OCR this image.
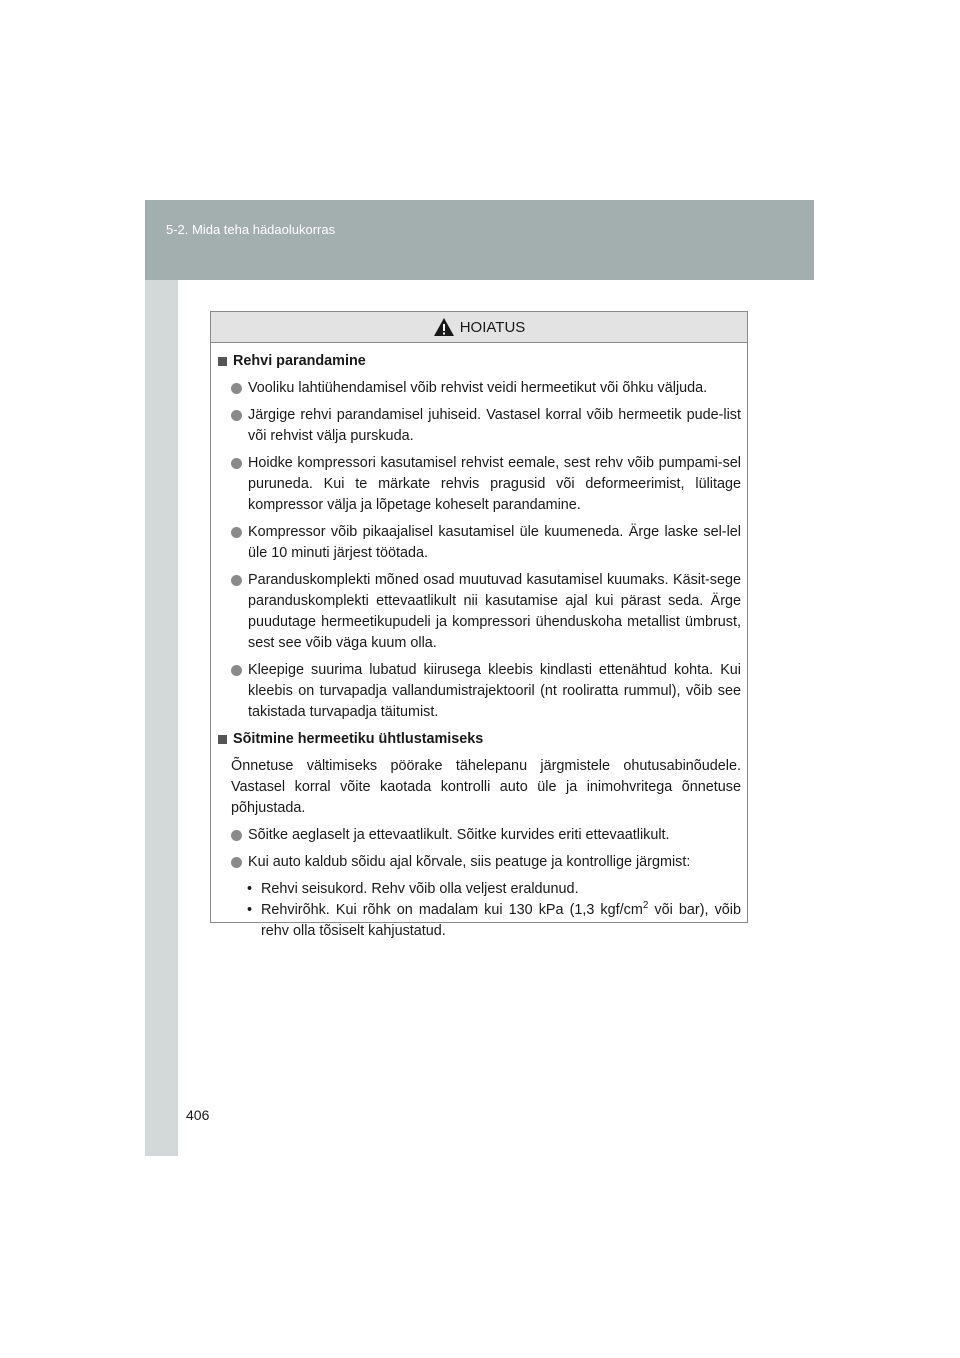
5-2. Mida teha hädaolukorras
HOIATUS
Rehvi parandamine
Vooliku lahtiühendamisel võib rehvist veidi hermeetikut või õhku väljuda.
Järgige rehvi parandamisel juhiseid. Vastasel korral võib hermeetik pude-list või rehvist välja purskuda.
Hoidke kompressori kasutamisel rehvist eemale, sest rehv võib pumpami-sel puruneda. Kui te märkate rehvis pragusid või deformeerimist, lülitage kompressor välja ja lõpetage koheselt parandamine.
Kompressor võib pikaajalisel kasutamisel üle kuumeneda. Ärge laske sel-lel üle 10 minuti järjest töötada.
Paranduskomplekti mõned osad muutuvad kasutamisel kuumaks. Käsit-sege paranduskomplekti ettevaatlikult nii kasutamise ajal kui pärast seda. Ärge puudutage hermeetikupudeli ja kompressori ühenduskoha metallist ümbrust, sest see võib väga kuum olla.
Kleepige suurima lubatud kiirusega kleebis kindlasti ettenähtud kohta. Kui kleebis on turvapadja vallandumistrajektooril (nt rooliratta rummul), võib see takistada turvapadja täitumist.
Sõitmine hermeetiku ühtlustamiseks
Õnnetuse vältimiseks pöörake tähelepanu järgmistele ohutusabinõudele. Vastasel korral võite kaotada kontrolli auto üle ja inimohvritega õnnetuse põhjustada.
Sõitke aeglaselt ja ettevaatlikult. Sõitke kurvides eriti ettevaatlikult.
Kui auto kaldub sõidu ajal kõrvale, siis peatuge ja kontrollige järgmist:
• Rehvi seisukord. Rehv võib olla veljest eraldunud.
• Rehvirõhk. Kui rõhk on madalam kui 130 kPa (1,3 kgf/$cm^2$ või bar), võib rehv olla tõsiselt kahjustatud.
406
